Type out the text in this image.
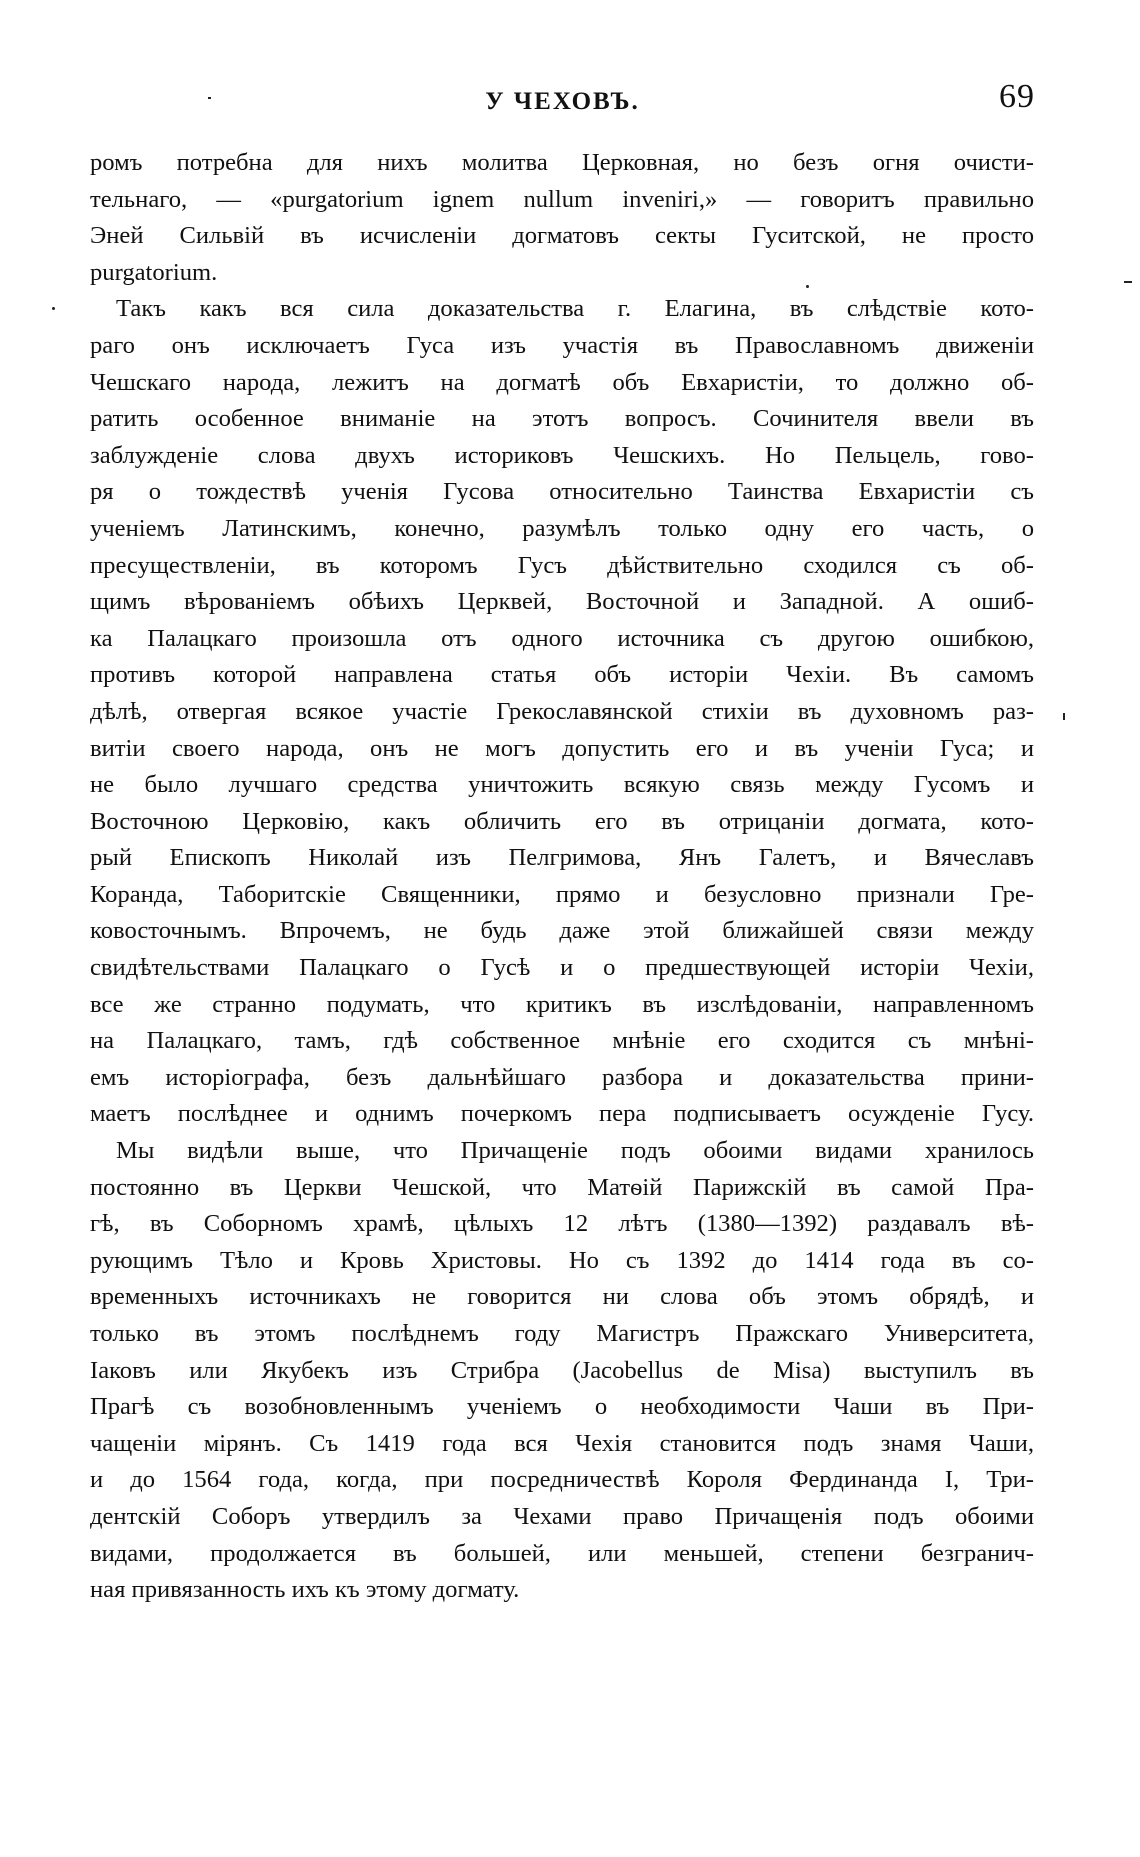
У ЧЕХОВЪ.	69
ромъ потребна для нихъ молитва Церковная, но безъ огня очисти-
тельнаго, — «purgatorium ignem nullum inveniri,» — говоритъ правильно
Эней Сильвій въ исчисленіи догматовъ секты Гуситской, не просто
purgatorium.
Такъ какъ вся сила доказательства г. Елагина, въ слѣдствіе кото-
раго онъ исключаетъ Гуса изъ участія въ Православномъ движеніи
Чешскаго народа, лежитъ на догматѣ объ Евхаристіи, то должно об-
ратить особенное вниманіе на этотъ вопросъ. Сочинителя ввели въ
заблужденіе слова двухъ историковъ Чешскихъ. Но Пельцель, гово-
ря о тождествѣ ученія Гусова относительно Таинства Евхаристіи съ
ученіемъ Латинскимъ, конечно, разумѣлъ только одну его часть, о
пресуществленіи, въ которомъ Гусъ дѣйствительно сходился съ об-
щимъ вѣрованіемъ обѣихъ Церквей, Восточной и Западной. А ошиб-
ка Палацкаго произошла отъ одного источника съ другою ошибкою,
противъ которой направлена статья объ исторіи Чехіи. Въ самомъ
дѣлѣ, отвергая всякое участіе Грекославянской стихіи въ духовномъ раз-
витіи своего народа, онъ не могъ допустить его и въ ученіи Гуса; и
не было лучшаго средства уничтожить всякую связь между Гусомъ и
Восточною Церковію, какъ обличить его въ отрицаніи догмата, кото-
рый Епископъ Николай изъ Пелгримова, Янъ Галетъ, и Вячеславъ
Коранда, Таборитскіе Священники, прямо и безусловно признали Гре-
ковосточнымъ. Впрочемъ, не будь даже этой ближайшей связи между
свидѣтельствами Палацкаго о Гусѣ и о предшествующей исторіи Чехіи,
все же странно подумать, что критикъ въ изслѣдованіи, направленномъ
на Палацкаго, тамъ, гдѣ собственное мнѣніе его сходится съ мнѣні-
емъ исторіографа, безъ дальнѣйшаго разбора и доказательства прини-
маетъ послѣднее и однимъ почеркомъ пера подписываетъ осужденіе Гусу.
Мы видѣли выше, что Причащеніе подъ обоими видами хранилось
постоянно въ Церкви Чешской, что Матѳій Парижскій въ самой Пра-
гѣ, въ Соборномъ храмѣ, цѣлыхъ 12 лѣтъ (1380—1392) раздавалъ вѣ-
рующимъ Тѣло и Кровь Христовы. Но съ 1392 до 1414 года въ со-
временныхъ источникахъ не говорится ни слова объ этомъ обрядѣ, и
только въ этомъ послѣднемъ году Магистръ Пражскаго Университета,
Іаковъ или Якубекъ изъ Стрибра (Jacobellus de Misa) выступилъ въ
Прагѣ съ возобновленнымъ ученіемъ о необходимости Чаши въ При-
чащеніи мірянъ. Съ 1419 года вся Чехія становится подъ знамя Чаши,
и до 1564 года, когда, при посредничествѣ Короля Фердинанда I, Три-
дентскій Соборъ утвердилъ за Чехами право Причащенія подъ обоими
видами, продолжается въ большей, или меньшей, степени безгранич-
ная привязанность ихъ къ этому догмату.
